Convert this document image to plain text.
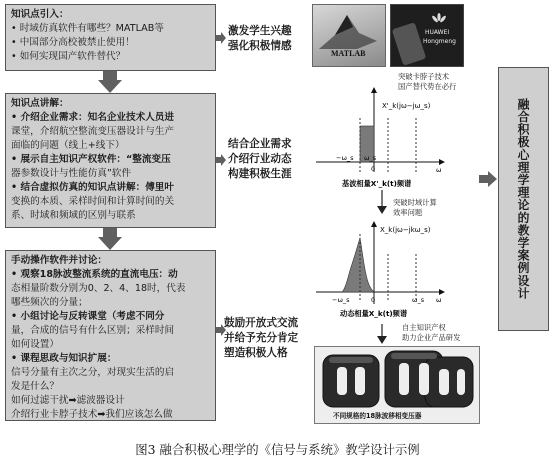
知识点引入：
• 时域仿真软件有哪些？MATLAB等
• 中国部分高校被禁止使用！
• 如何实现国产软件替代？
知识点讲解：
• 介绍企业需求：知名企业技术人员进
课堂，介绍航空整流变压器设计与生产
面临的问题（线上+线下）
• 展示自主知识产权软件：“整流变压
器参数设计与性能仿真”软件
• 结合虚拟仿真的知识点讲解：傅里叶
变换的本质、采样时间和计算时间的关
系、时域和频域的区别与联系
手动操作软件并讨论：
• 观察18脉波整流系统的直流电压：动
态相量阶数分别为0、2、4、18时，代表
哪些频次的分量；
• 小组讨论与反转课堂（考虑不同分
量，合成的信号有什么区别；采样时间
如何设置）
• 课程思政与知识扩展：
信号分量有主次之分，对现实生活的启
发是什么？
如何过滤干扰➡滤波器设计
介绍行业卡脖子技术➡我们应该怎么做
激发学生兴趣
强化积极情感
结合企业需求
介绍行业动态
构建积极生涯
鼓励开放式交流
并给予充分肯定
塑造积极人格
MATLAB
HUAWEI
Hongmeng
突破卡脖子技术
国产替代势在必行
突破时域计算
效率问题
自主知识产权
助力企业产品研发
X'_k(jω−jω_s)
−ω_s ω_s
0	ω
基波相量X'_k(t)频谱
X_k(jω−jkω_s)
−ω_s	0	ω_s ω
动态相量X_k(t)频谱
不同规格的18脉波移相变压器
融合积极心理学理论的教学案例设计
图3 融合积极心理学的《信号与系统》教学设计示例
